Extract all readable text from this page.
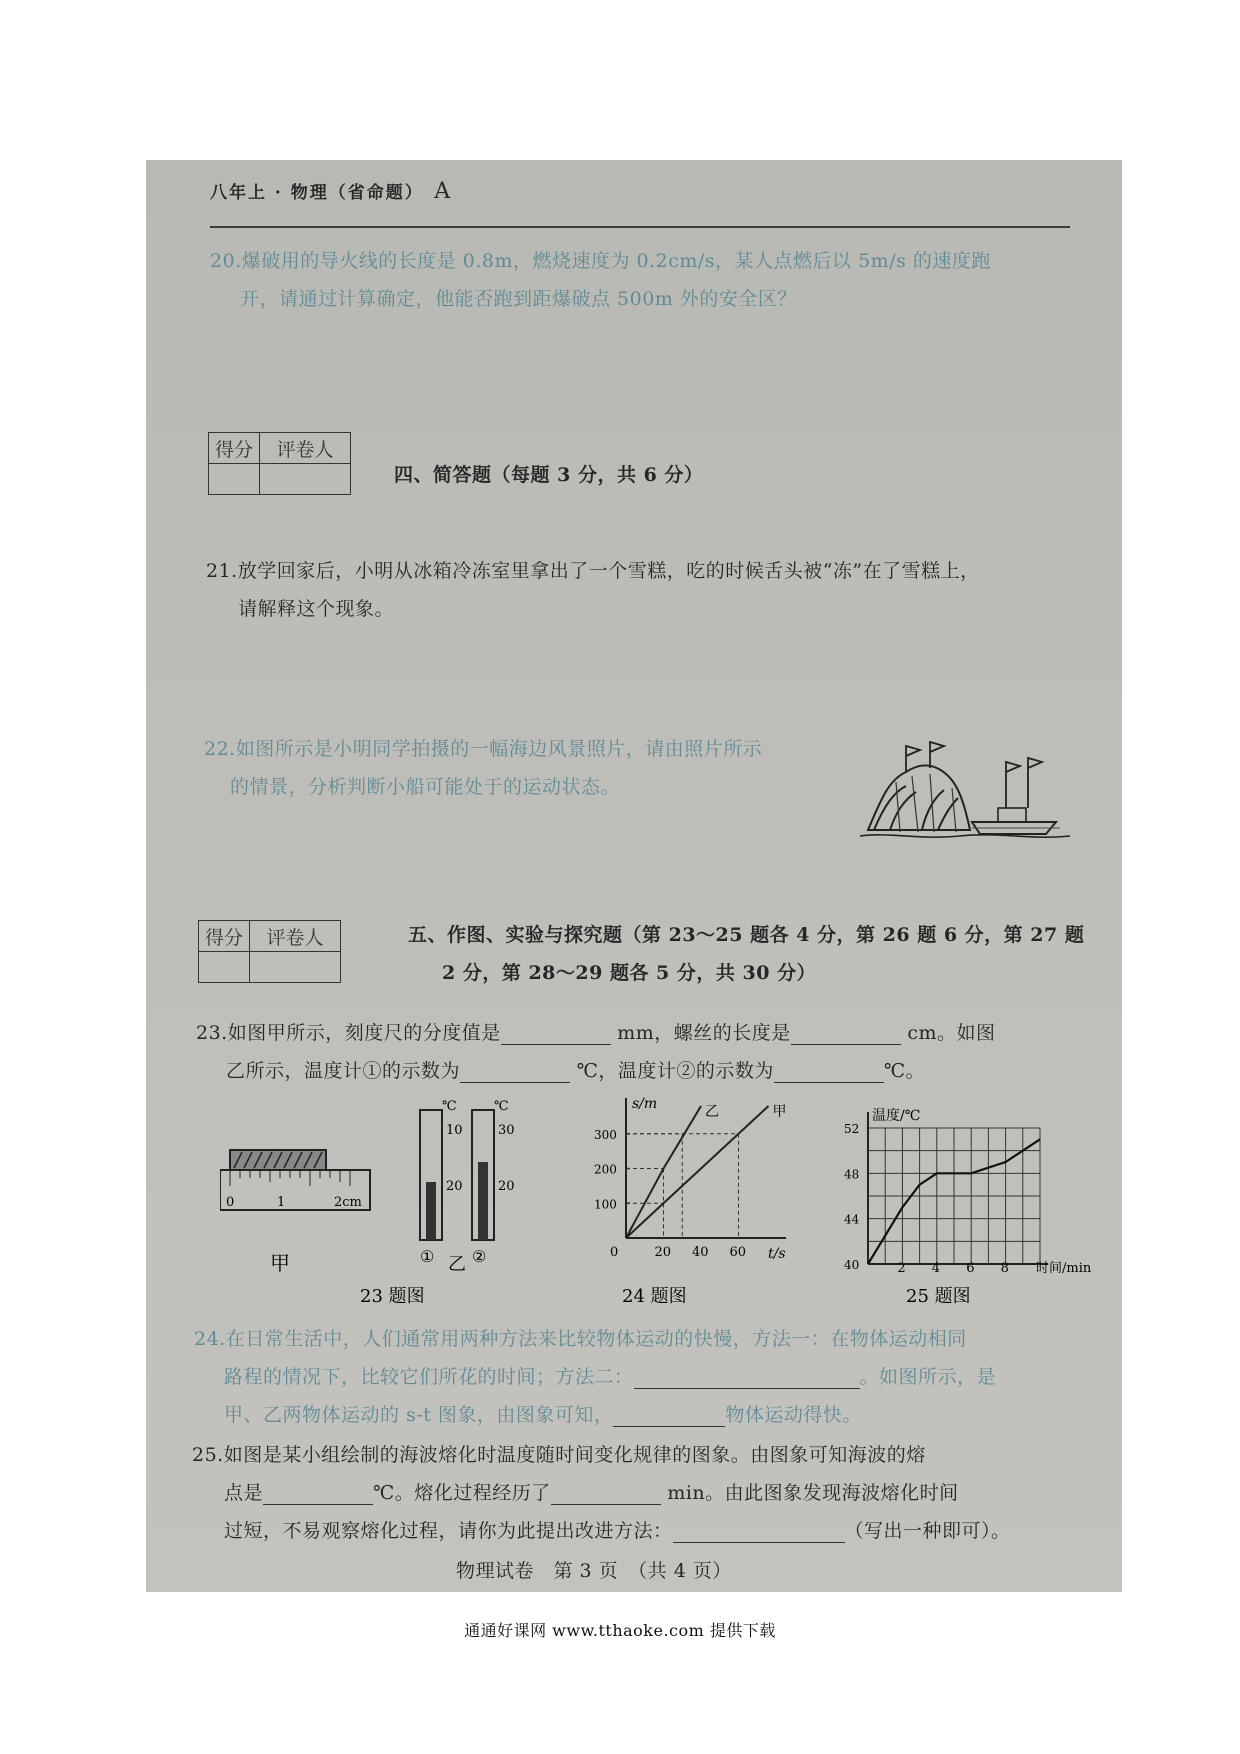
八年上 · 物理（省命题）　 A
20.爆破用的导火线的长度是 0.8m，燃烧速度为 0.2cm/s，某人点燃后以 5m/s 的速度跑
开，请通过计算确定，他能否跑到距爆破点 500m 外的安全区？
得分	评卷人

四、简答题（每题 3 分，共 6 分）
21.放学回家后，小明从冰箱冷冻室里拿出了一个雪糕，吃的时候舌头被“冻”在了雪糕上，
请解释这个现象。
22.如图所示是小明同学拍摄的一幅海边风景照片，请由照片所示
的情景，分析判断小船可能处于的运动状态。
得分	评卷人
		五、作图、实验与探究题（第 23～25 题各 4 分，第 26 题 6 分，第 27 题
2 分，第 28～29 题各 5 分，共 30 分）
23.如图甲所示，刻度尺的分度值是	mm，螺丝的长度是	cm。如图
乙所示，温度计①的示数为	℃，温度计②的示数为	℃。
0	1	2cm
甲
℃
10
20
①
℃
30
20
②
乙
23 题图
s/m
t/s
0	20 40 60
100
200
300
乙	甲
24 题图
温度/℃
时间/min
2 4 6 8
40
44
48
52
25 题图
24.在日常生活中，人们通常用两种方法来比较物体运动的快慢，方法一：在物体运动相同
路程的情况下，比较它们所花的时间；方法二：	。如图所示，是
甲、乙两物体运动的 s-t 图象，由图象可知，	物体运动得快。
25.如图是某小组绘制的海波熔化时温度随时间变化规律的图象。由图象可知海波的熔
点是	℃。熔化过程经历了	min。由此图象发现海波熔化时间
过短，不易观察熔化过程，请你为此提出改进方法：	（写出一种即可）。
物理试卷　第 3 页　（共 4 页）
通通好课网 www.tthaoke.com 提供下载
